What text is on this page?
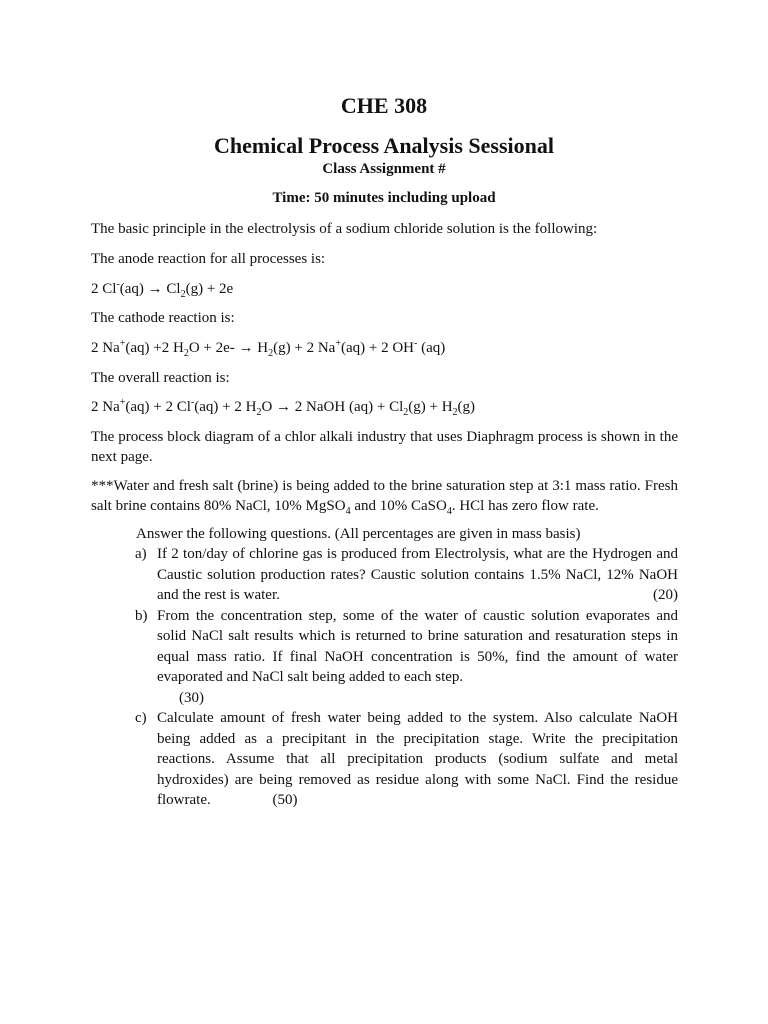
CHE 308
Chemical Process Analysis Sessional
Class Assignment #
Time: 50 minutes including upload
The basic principle in the electrolysis of a sodium chloride solution is the following:
The anode reaction for all processes is:
2 $Cl^-(aq) \to Cl_2(g) + 2e$
The cathode reaction is:
2 Na+(aq) +2 $H_2O + 2e- \to H_2(g) + 2$ Na+(aq) + 2 OH- (aq)
The overall reaction is:
2 Na+(aq) + 2 Cl-(aq) + 2 $H_2O \to 2$ NaOH $(aq) + Cl_2(g) + H_2(g)$
The process block diagram of a chlor alkali industry that uses Diaphragm process is shown in the next page.
***Water and fresh salt (brine) is being added to the brine saturation step at 3:1 mass ratio. Fresh salt brine contains 80% NaCl, 10% MgSO$_4$ and 10% CaSO$_4$. HCl has zero flow rate.
Answer the following questions. (All percentages are given in mass basis)
a) If 2 ton/day of chlorine gas is produced from Electrolysis, what are the Hydrogen and Caustic solution production rates? Caustic solution contains 1.5% NaCl, 12% NaOH and the rest is water.	(20)
b) From the concentration step, some of the water of caustic solution evaporates and solid NaCl salt results which is returned to brine saturation and resaturation steps in equal mass ratio. If final NaOH concentration is 50%, find the amount of water evaporated and NaCl salt being added to each step.
(30)
c) Calculate amount of fresh water being added to the system. Also calculate NaOH being added as a precipitant in the precipitation stage. Write the precipitation reactions. Assume that all precipitation products (sodium sulfate and metal hydroxides) are being removed as residue along with some NaCl. Find the residue flowrate.	(50)
